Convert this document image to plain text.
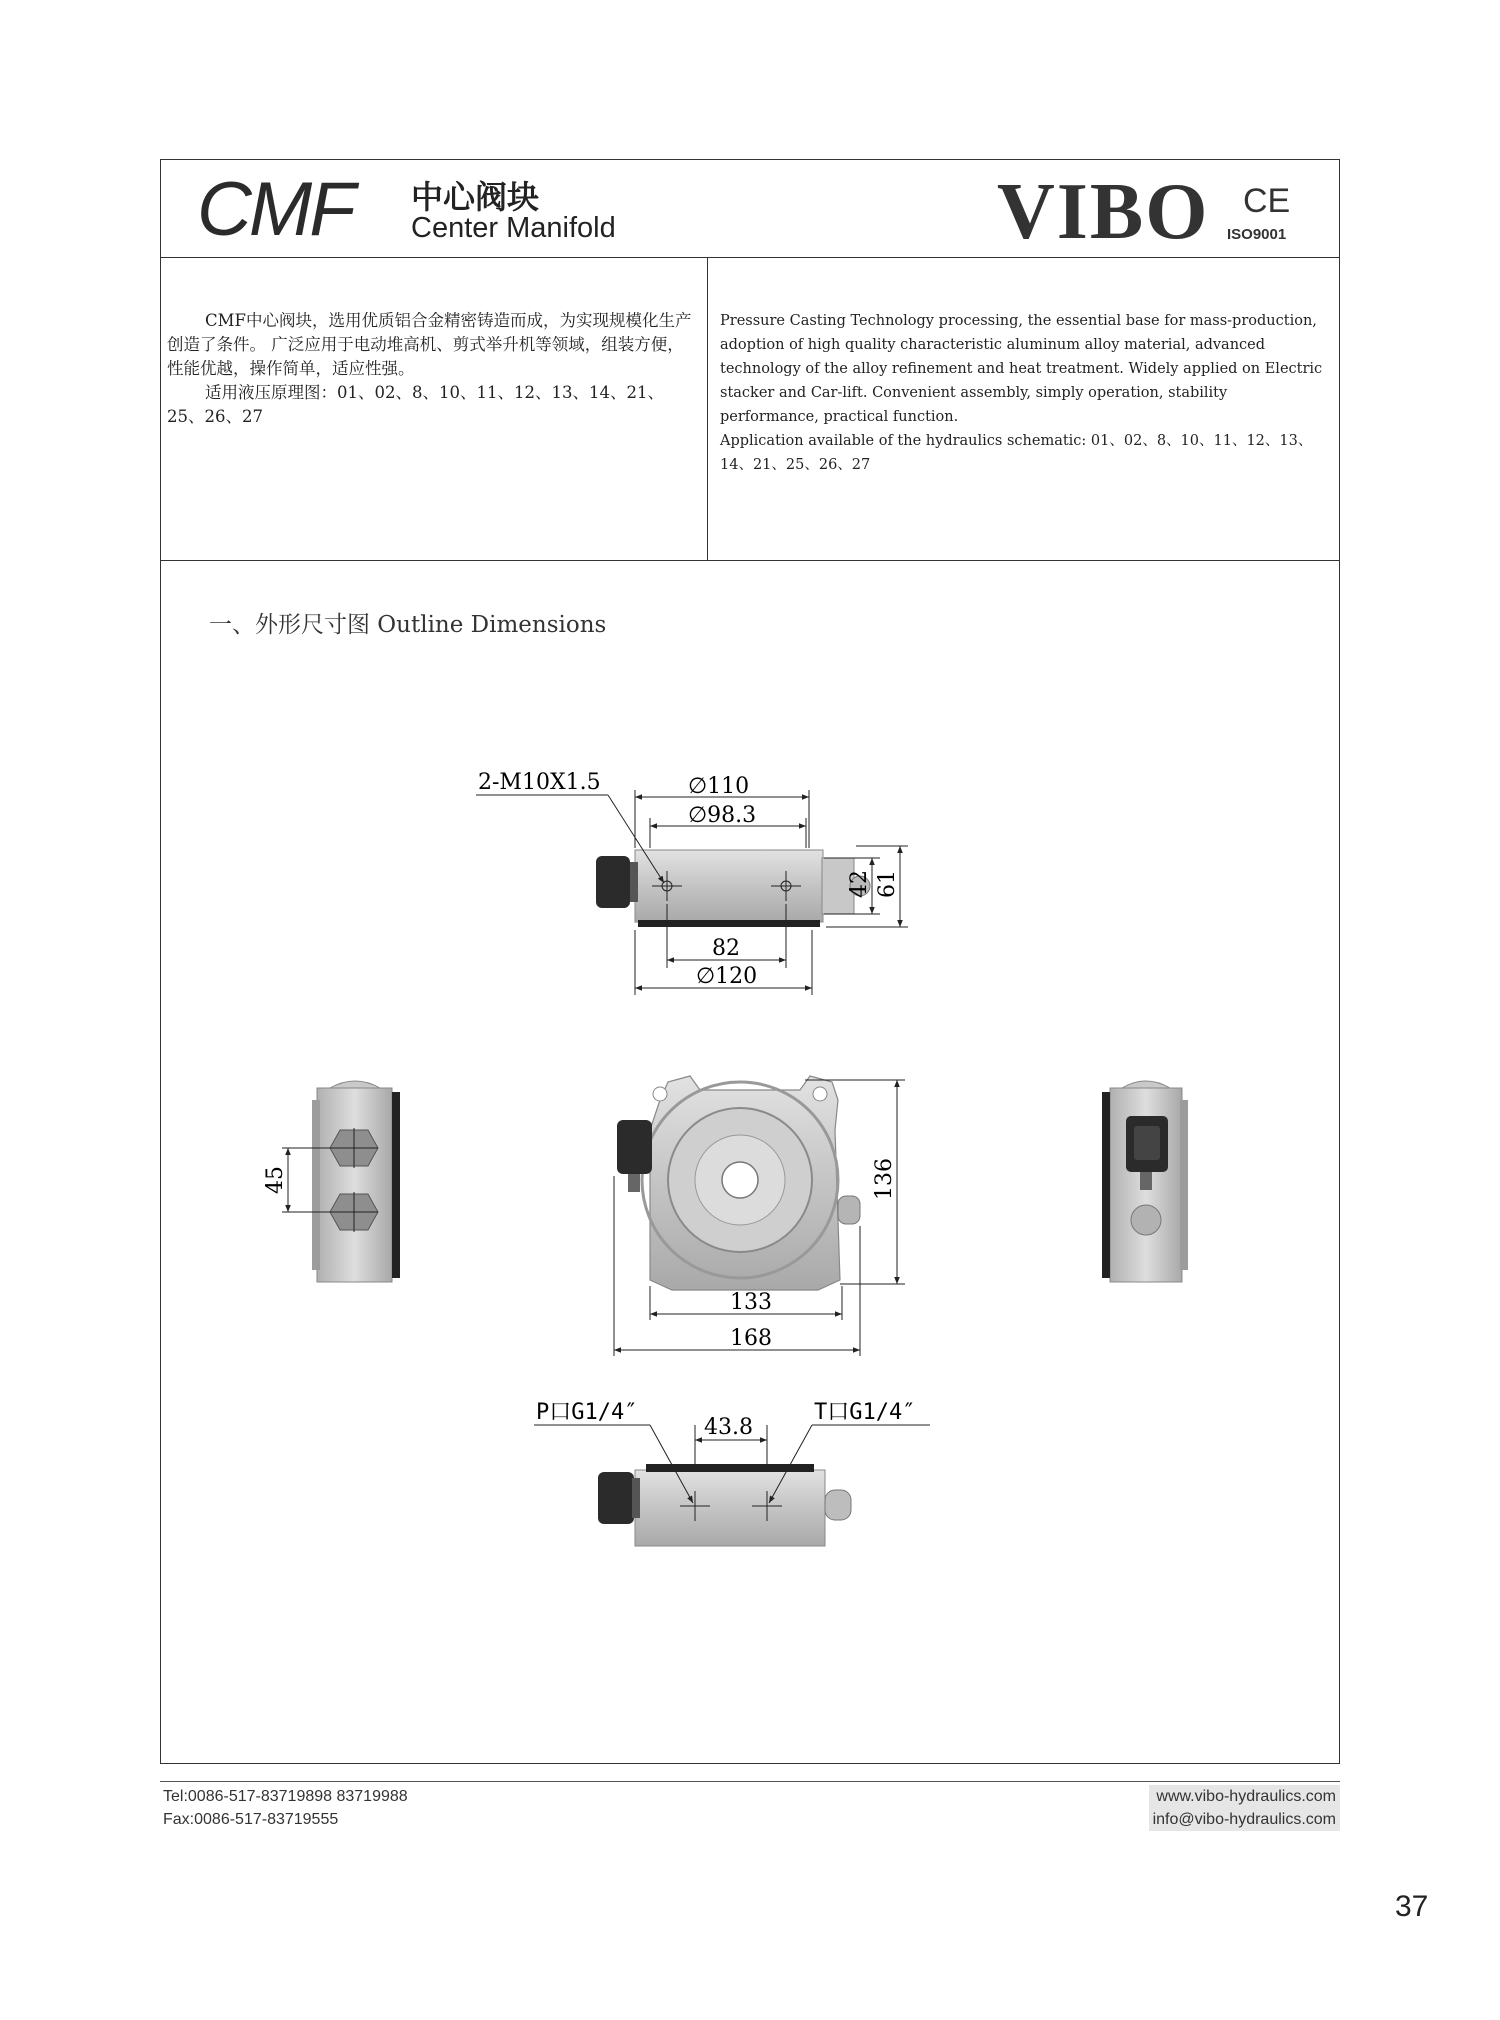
CMF 中心阀块
Center Manifold	VIBO CE
ISO9001

CMF中心阀块，选用优质铝合金精密铸造而成，为实现规模化生产创造了条件。 广泛应用于电动堆高机、剪式举升机等领域，组装方便，性能优越，操作简单，适应性强。

适用液压原理图：01、02、8、10、11、12、13、14、21、25、26、27

Pressure Casting Technology processing, the essential base for mass-production, adoption of high quality characteristic aluminum alloy material, advanced technology of the alloy refinement and heat treatment. Widely applied on Electric stacker and Car-lift. Convenient assembly, simply operation, stability performance, practical function.

Application available of the hydraulics schematic: 01、02、8、10、11、12、13、14、21、25、26、27

一、外形尺寸图 Outline Dimensions
2-M10X1.5	∅110
∅98.3
42 61
82
∅120
45	136
133
168
P口G1/4″	T口G1/4″
43.8
Tel:0086-517-83719898 83719988
Fax:0086-517-83719555
www.vibo-hydraulics.com
info@vibo-hydraulics.com
37
